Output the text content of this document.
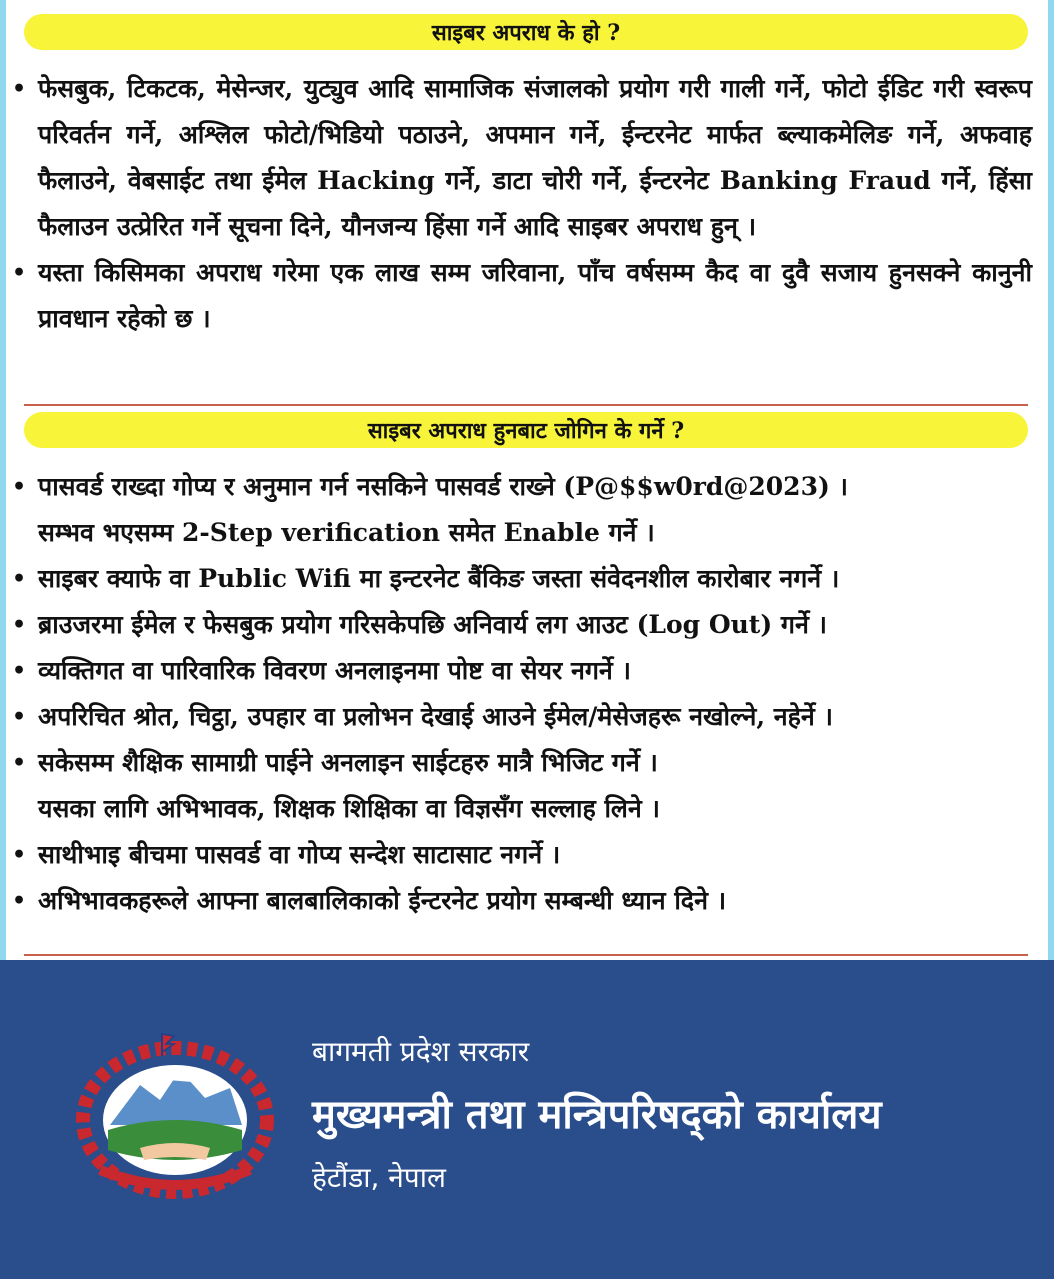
साइबर अपराध के हो ?
• फेसबुक, टिकटक, मेसेन्जर, युट्युव आदि सामाजिक संजालको प्रयोग गरी गाली गर्ने, फोटो ईडिट गरी स्वरूप परिवर्तन गर्ने, अश्लिल फोटो/भिडियो पठाउने, अपमान गर्ने, ईन्टरनेट मार्फत ब्ल्याकमेलिङ गर्ने, अफवाह फैलाउने, वेबसाईट तथा ईमेल Hacking गर्ने, डाटा चोरी गर्ने, ईन्टरनेट Banking Fraud गर्ने, हिंसा फैलाउन उत्प्रेरित गर्ने सूचना दिने, यौनजन्य हिंसा गर्ने आदि साइबर अपराध हुन् ।
• यस्ता किसिमका अपराध गरेमा एक लाख सम्म जरिवाना, पाँच वर्षसम्म कैद वा दुवै सजाय हुनसक्ने कानुनी प्रावधान रहेको छ ।
साइबर अपराध हुनबाट जोगिन के गर्ने ?
• पासवर्ड राख्दा गोप्य र अनुमान गर्न नसकिने पासवर्ड राख्ने (P@$$w0rd@2023) ।
सम्भव भएसम्म 2-Step verification समेत Enable गर्ने ।
• साइबर क्याफे वा Public Wifi मा इन्टरनेट बैंकिङ जस्ता संवेदनशील कारोबार नगर्ने ।
• ब्राउजरमा ईमेल र फेसबुक प्रयोग गरिसकेपछि अनिवार्य लग आउट (Log Out) गर्ने ।
• व्यक्तिगत वा पारिवारिक विवरण अनलाइनमा पोष्ट वा सेयर नगर्ने ।
• अपरिचित श्रोत, चिट्ठा, उपहार वा प्रलोभन देखाई आउने ईमेल/मेसेजहरू नखोल्ने, नहेर्ने ।
• सकेसम्म शैक्षिक सामाग्री पाईने अनलाइन साईटहरु मात्रै भिजिट गर्ने ।
यसका लागि अभिभावक, शिक्षक शिक्षिका वा विज्ञसँग सल्लाह लिने ।
• साथीभाइ बीचमा पासवर्ड वा गोप्य सन्देश साटासाट नगर्ने ।
• अभिभावकहरूले आफ्ना बालबालिकाको ईन्टरनेट प्रयोग सम्बन्धी ध्यान दिने ।
बागमती प्रदेश सरकार
मुख्यमन्त्री तथा मन्त्रिपरिषद्को कार्यालय
हेटौंडा, नेपाल
